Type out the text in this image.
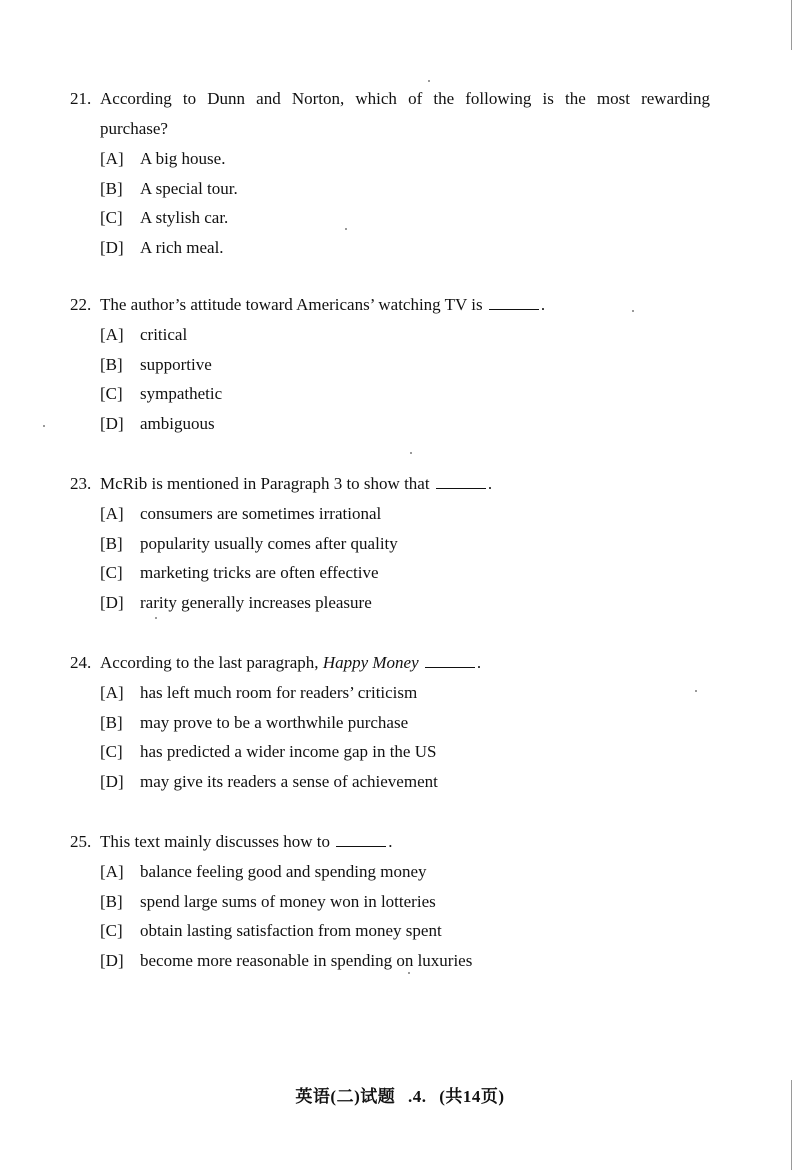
21. According to Dunn and Norton, which of the following is the most rewarding
purchase?

[A] A big house.
[B] A special tour.
[C] A stylish car.
[D] A rich meal.

22. The author’s attitude toward Americans’ watching TV is	.

[A] critical
[B] supportive
[C] sympathetic
[D] ambiguous

23. McRib is mentioned in Paragraph 3 to show that	.

[A] consumers are sometimes irrational
[B] popularity usually comes after quality
[C] marketing tricks are often effective
[D] rarity generally increases pleasure

24. According to the last paragraph, Happy Money	.

[A] has left much room for readers’ criticism
[B] may prove to be a worthwhile purchase
[C] has predicted a wider income gap in the US
[D] may give its readers a sense of achievement

25. This text mainly discusses how to	.

[A] balance feeling good and spending money
[B] spend large sums of money won in lotteries
[C] obtain lasting satisfaction from money spent
[D] become more reasonable in spending on luxuries
英语(二)试题 .4. (共14页)
